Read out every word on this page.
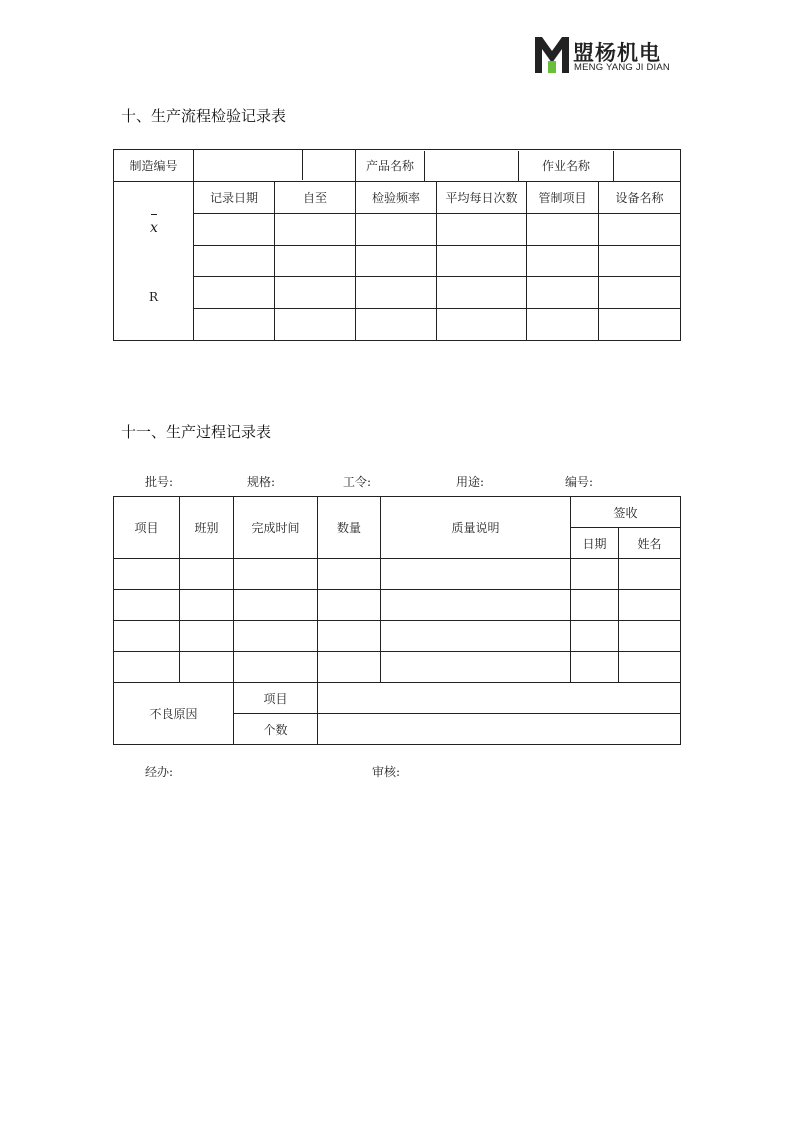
盟杨机电
MENG YANG JI DIAN
十、生产流程检验记录表
制造编号			产品名称 作业名称			

x
R	记录日期	自至	检验频率	平均每日次数	管制项目	设备名称

十一、生产过程记录表
批号:	规格:	工令:	用途:	编号:
项目	班别	完成时间	数量	质量说明	签收	
					日期	姓名

不良原因		项目				
		个数				
经办:	审核:
